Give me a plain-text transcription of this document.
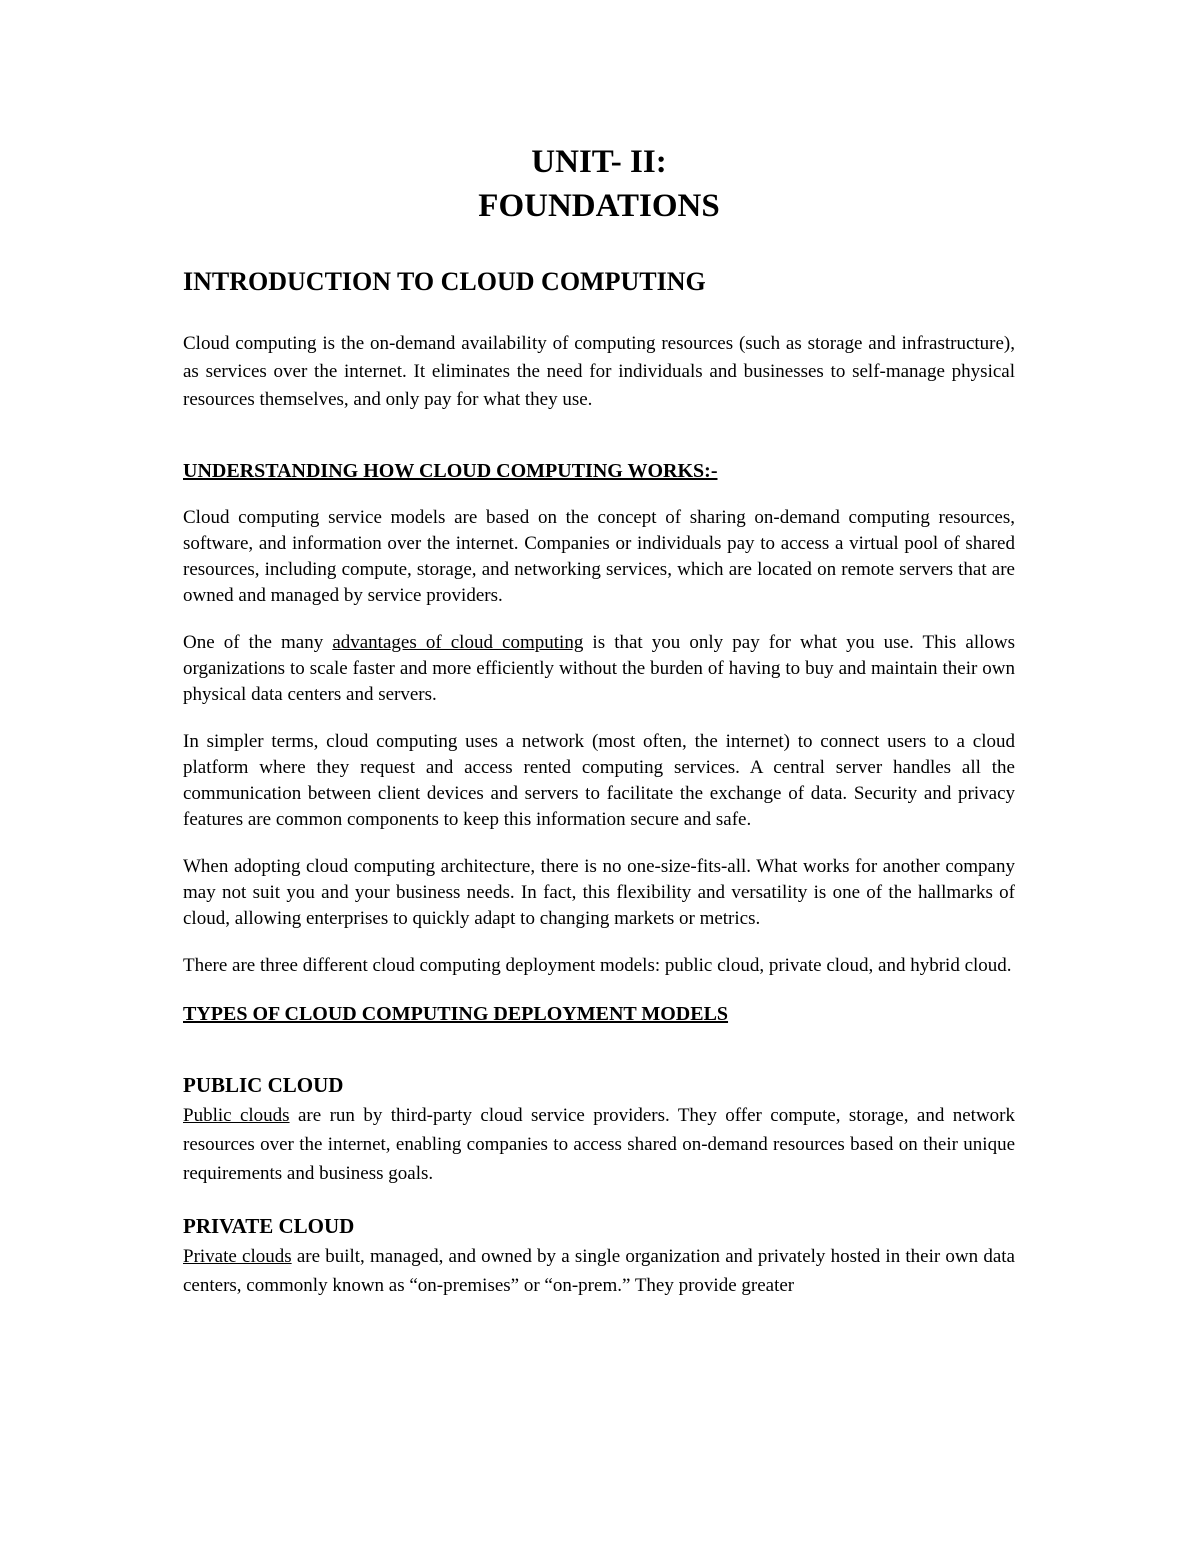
UNIT- II:
FOUNDATIONS
INTRODUCTION TO CLOUD COMPUTING

Cloud computing is the on-demand availability of computing resources (such as storage and infrastructure), as services over the internet. It eliminates the need for individuals and businesses to self-manage physical resources themselves, and only pay for what they use.

UNDERSTANDING HOW CLOUD COMPUTING WORKS:-

Cloud computing service models are based on the concept of sharing on-demand computing resources, software, and information over the internet. Companies or individuals pay to access a virtual pool of shared resources, including compute, storage, and networking services, which are located on remote servers that are owned and managed by service providers.

One of the many advantages of cloud computing is that you only pay for what you use. This allows organizations to scale faster and more efficiently without the burden of having to buy and maintain their own physical data centers and servers.

In simpler terms, cloud computing uses a network (most often, the internet) to connect users to a cloud platform where they request and access rented computing services. A central server handles all the communication between client devices and servers to facilitate the exchange of data. Security and privacy features are common components to keep this information secure and safe.

When adopting cloud computing architecture, there is no one-size-fits-all. What works for another company may not suit you and your business needs. In fact, this flexibility and versatility is one of the hallmarks of cloud, allowing enterprises to quickly adapt to changing markets or metrics.

There are three different cloud computing deployment models: public cloud, private cloud, and hybrid cloud.

TYPES OF CLOUD COMPUTING DEPLOYMENT MODELS
PUBLIC CLOUD

Public clouds are run by third-party cloud service providers. They offer compute, storage, and network resources over the internet, enabling companies to access shared on-demand resources based on their unique requirements and business goals.

PRIVATE CLOUD

Private clouds are built, managed, and owned by a single organization and privately hosted in their own data centers, commonly known as “on-premises” or “on-prem.” They provide greater
